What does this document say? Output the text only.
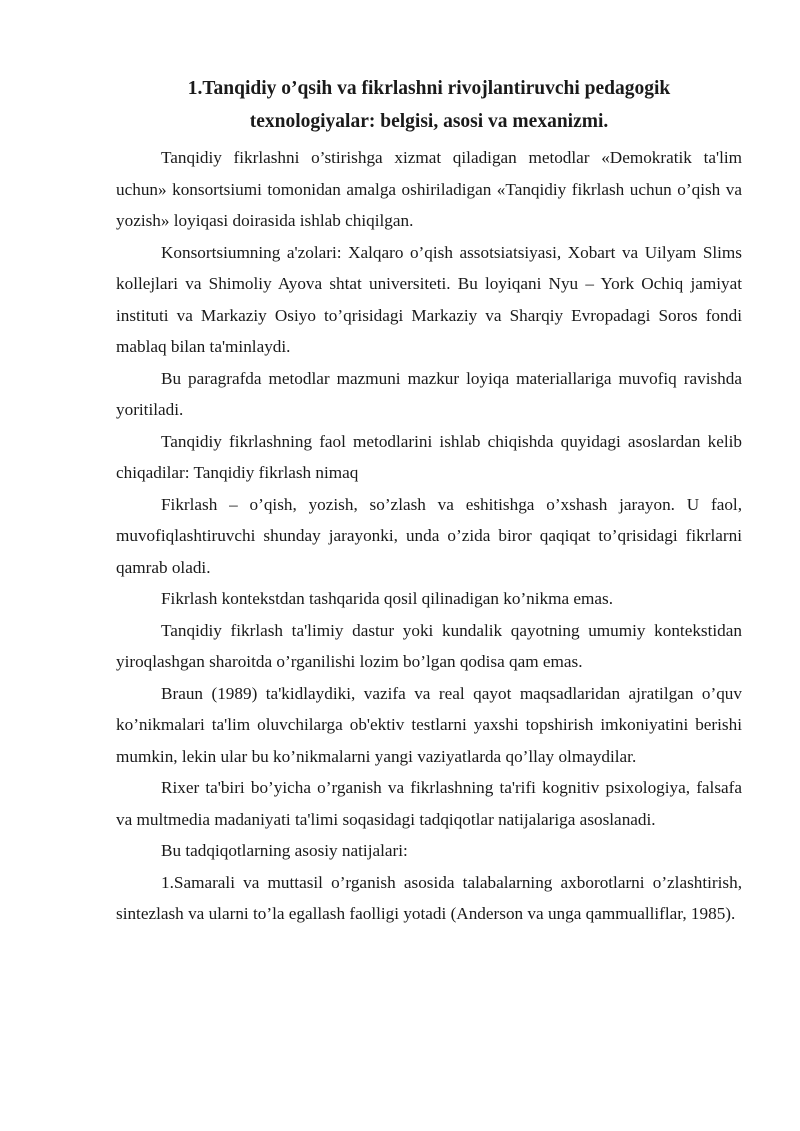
1.Tanqidiy o’qsih va fikrlashni rivojlantiruvchi pedagogik
texnologiyalar: belgisi, asosi va mexanizmi.

Tanqidiy fikrlashni o’stirishga xizmat qiladigan metodlar «Demokratik ta'lim uchun» konsortsiumi tomonidan amalga oshiriladigan «Tanqidiy fikrlash uchun o’qish va yozish» loyiqasi doirasida ishlab chiqilgan.

Konsortsiumning a'zolari: Xalqaro o’qish assotsiatsiyasi, Xobart va Uilyam Slims kollejlari va Shimoliy Ayova shtat universiteti. Bu loyiqani Nyu – York Ochiq jamiyat instituti va Markaziy Osiyo to’qrisidagi Markaziy va Sharqiy Evropadagi Soros fondi mablaq bilan ta'minlaydi.

Bu paragrafda metodlar mazmuni mazkur loyiqa materiallariga muvofiq ravishda yoritiladi.

Tanqidiy fikrlashning faol metodlarini ishlab chiqishda quyidagi asoslardan kelib chiqadilar: Tanqidiy fikrlash nimaq

Fikrlash – o’qish, yozish, so’zlash va eshitishga o’xshash jarayon. U faol, muvofiqlashtiruvchi shunday jarayonki, unda o’zida biror qaqiqat to’qrisidagi fikrlarni qamrab oladi.

Fikrlash kontekstdan tashqarida qosil qilinadigan ko’nikma emas.

Tanqidiy fikrlash ta'limiy dastur yoki kundalik qayotning umumiy kontekstidan yiroqlashgan sharoitda o’rganilishi lozim bo’lgan qodisa qam emas.

Braun (1989) ta'kidlaydiki, vazifa va real qayot maqsadlaridan ajratilgan o’quv ko’nikmalari ta'lim oluvchilarga ob'ektiv testlarni yaxshi topshirish imkoniyatini berishi mumkin, lekin ular bu ko’nikmalarni yangi vaziyatlarda qo’llay olmaydilar.

Rixer ta'biri bo’yicha o’rganish va fikrlashning ta'rifi kognitiv psixologiya, falsafa va multmedia madaniyati ta'limi soqasidagi tadqiqotlar natijalariga asoslanadi.

Bu tadqiqotlarning asosiy natijalari:

1.Samarali va muttasil o’rganish asosida talabalarning axborotlarni o’zlashtirish, sintezlash va ularni to’la egallash faolligi yotadi (Anderson va unga qammualliflar, 1985).
